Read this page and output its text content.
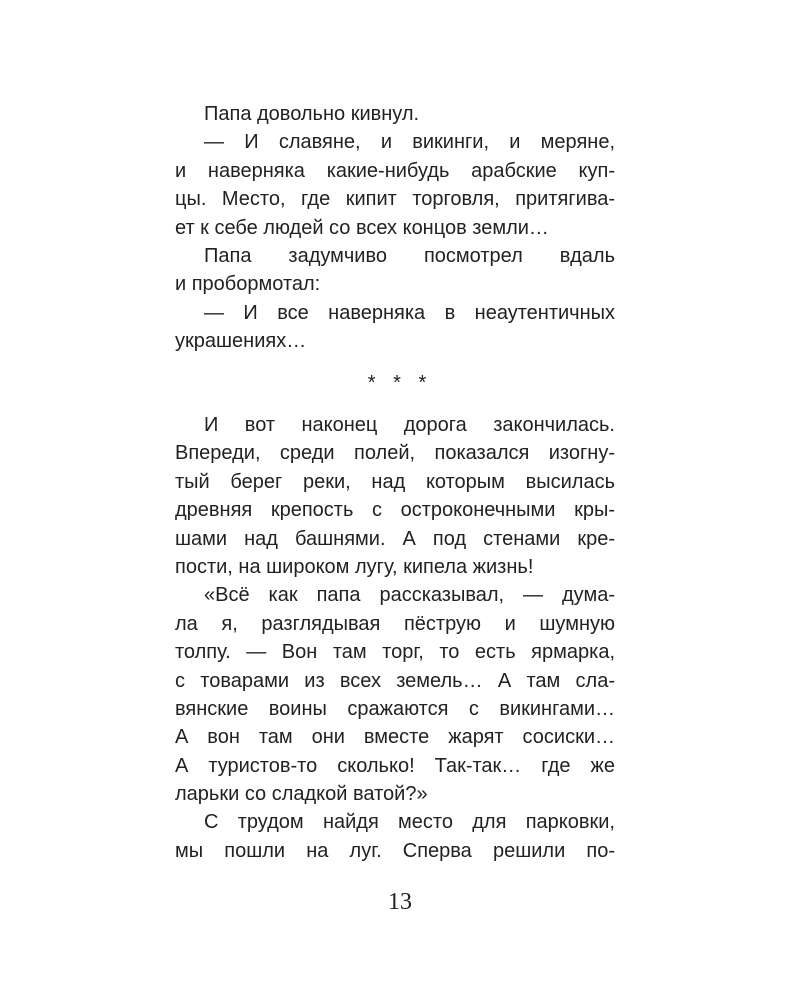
Папа довольно кивнул.
— И славяне, и викинги, и меряне,
и наверняка какие-нибудь арабские куп-
цы. Место, где кипит торговля, притягива-
ет к себе людей со всех концов земли…
Папа задумчиво посмотрел вдаль
и пробормотал:
— И все наверняка в неаутентичных
украшениях…
* * *
И вот наконец дорога закончилась.
Впереди, среди полей, показался изогну-
тый берег реки, над которым высилась
древняя крепость с остроконечными кры-
шами над башнями. А под стенами кре-
пости, на широком лугу, кипела жизнь!
«Всё как папа рассказывал, — дума-
ла я, разглядывая пёструю и шумную
толпу. — Вон там торг, то есть ярмарка,
с товарами из всех земель… А там сла-
вянские воины сражаются с викингами…
А вон там они вместе жарят сосиски…
А туристов-то сколько! Так-так… где же
ларьки со сладкой ватой?»
С трудом найдя место для парковки,
мы пошли на луг. Сперва решили по-
13
